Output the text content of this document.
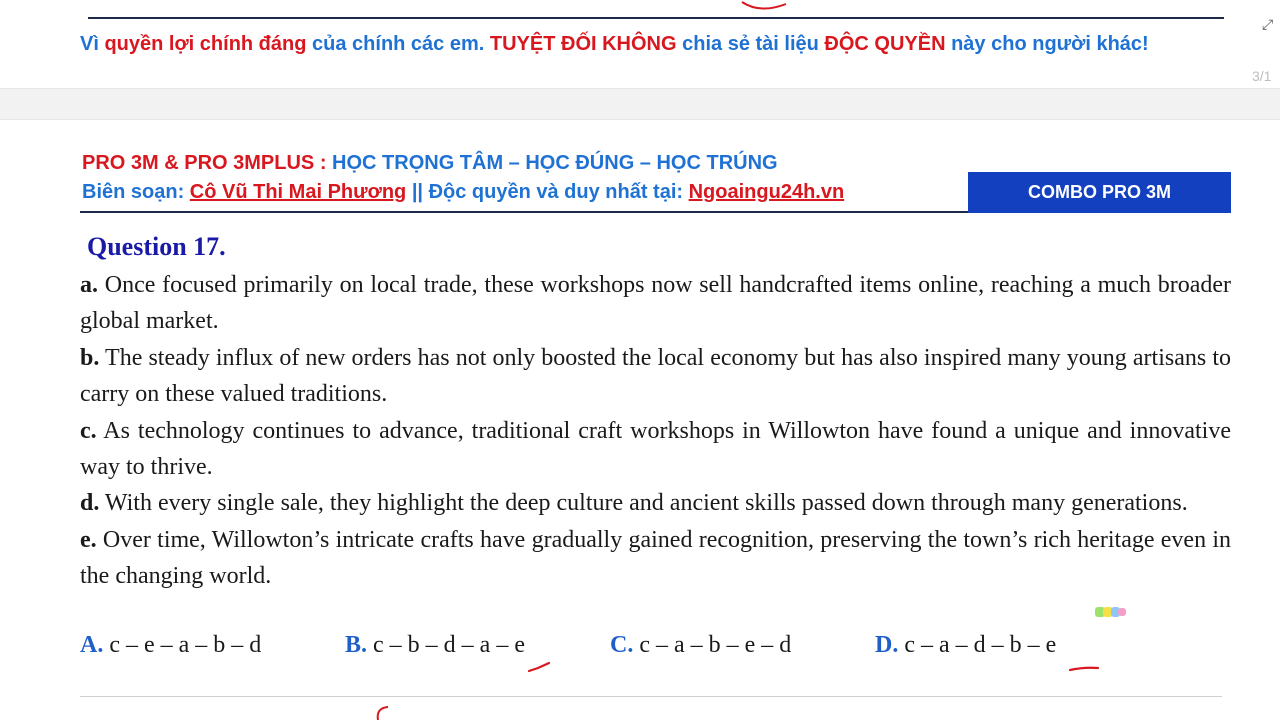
⤢
Vì quyền lợi chính đáng của chính các em. TUYỆT ĐỐI KHÔNG chia sẻ tài liệu ĐỘC QUYỀN này cho người khác!
3/1
PRO 3M & PRO 3MPLUS : HỌC TRỌNG TÂM – HỌC ĐÚNG – HỌC TRÚNG
Biên soạn: Cô Vũ Thi Mai Phương || Độc quyền và duy nhất tại: Ngoaingu24h.vn	COMBO PRO 3M
Question 17.

a. Once focused primarily on local trade, these workshops now sell handcrafted items online, reaching a much broader global market.

b. The steady influx of new orders has not only boosted the local economy but has also inspired many young artisans to carry on these valued traditions.

c. As technology continues to advance, traditional craft workshops in Willowton have found a unique and innovative way to thrive.

d. With every single sale, they highlight the deep culture and ancient skills passed down through many generations.

e. Over time, Willowton’s intricate crafts have gradually gained recognition, preserving the town’s rich heritage even in the changing world.

A. c – e – a – b – d	B. c – b – d – a – e	C. c – a – b – e – d	D. c – a – d – b – e
